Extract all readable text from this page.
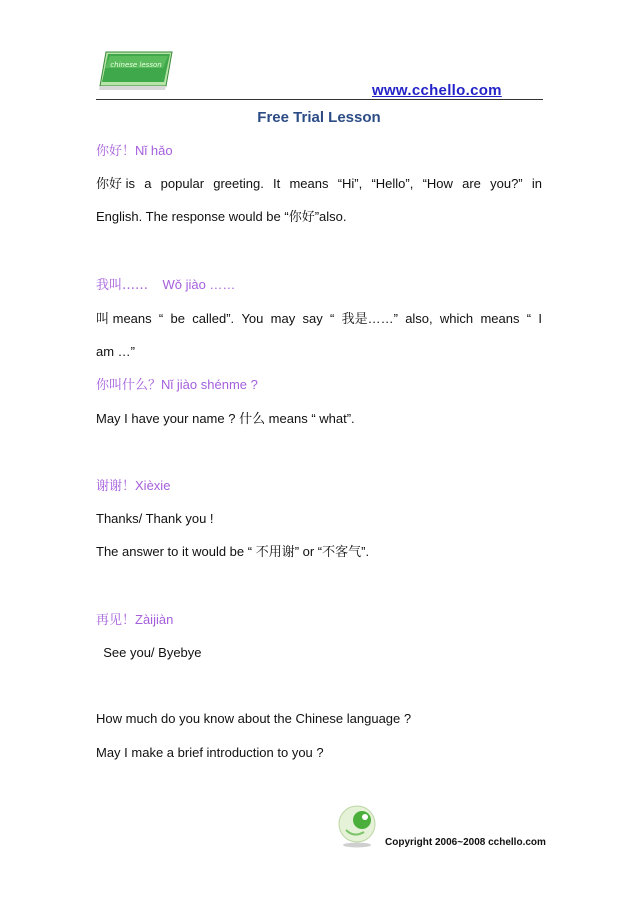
chinese lesson
www.cchello.com
Free Trial Lesson
你好！Nǐ hǎo
你好 is a popular greeting. It means “Hi”, “Hello”, “How are you?” in
English. The response would be “你好”also.
我叫…… Wǒ jiào ……
叫 means “ be called”. You may say “ 我是……” also, which means “ I
am …”
你叫什么？Nǐ jiào shénme ?
May I have your name ? 什么 means “ what”.
谢谢！Xièxie
Thanks/ Thank you !
The answer to it would be “ 不用谢” or “不客气”.
再见！Zàijiàn
See you/ Byebye
How much do you know about the Chinese language ?
May I make a brief introduction to you ?
Copyright 2006~2008 cchello.com
